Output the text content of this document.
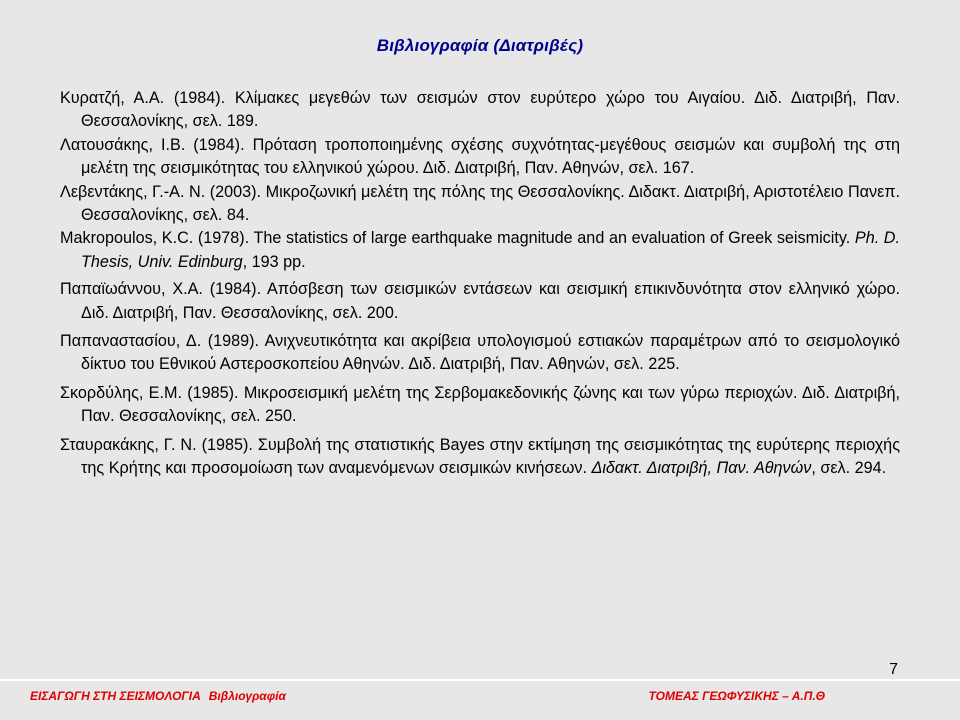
Βιβλιογραφία (Διατριβές)

Κυρατζή, Α.Α. (1984). Κλίμακες μεγεθών των σεισμών στον ευρύτερο χώρο του Αιγαίου. Διδ. Διατριβή, Παν. Θεσσαλονίκης, σελ. 189.

Λατουσάκης, Ι.Β. (1984). Πρόταση τροποποιημένης σχέσης συχνότητας-μεγέθους σεισμών και συμβολή της στη μελέτη της σεισμικότητας του ελληνικού χώρου. Διδ. Διατριβή, Παν. Αθηνών, σελ. 167.

Λεβεντάκης, Γ.-Α. Ν. (2003). Μικροζωνική μελέτη της πόλης της Θεσσαλονίκης. Διδακτ. Διατριβή, Αριστοτέλειο Πανεπ. Θεσσαλονίκης, σελ. 84.

Makropoulos, K.C. (1978). The statistics of large earthquake magnitude and an evaluation of Greek seismicity. Ph. D. Thesis, Univ. Edinburg, 193 pp.

Παπαϊωάννου, Χ.Α. (1984). Απόσβεση των σεισμικών εντάσεων και σεισμική επικινδυνότητα στον ελληνικό χώρο. Διδ. Διατριβή, Παν. Θεσσαλονίκης, σελ. 200.

Παπαναστασίου, Δ. (1989). Ανιχνευτικότητα και ακρίβεια υπολογισμού εστιακών παραμέτρων από το σεισμολογικό δίκτυο του Εθνικού Αστεροσκοπείου Αθηνών. Διδ. Διατριβή, Παν. Αθηνών, σελ. 225.

Σκορδύλης, Ε.Μ. (1985). Μικροσεισμική μελέτη της Σερβομακεδονικής ζώνης και των γύρω περιοχών. Διδ. Διατριβή, Παν. Θεσσαλονίκης, σελ. 250.

Σταυρακάκης, Γ. Ν. (1985). Συμβολή της στατιστικής Bayes στην εκτίμηση της σεισμικότητας της ευρύτερης περιοχής της Κρήτης και προσομοίωση των αναμενόμενων σεισμικών κινήσεων. Διδακτ. Διατριβή, Παν. Αθηνών, σελ. 294.

7
ΕΙΣΑΓΩΓΗ ΣΤΗ ΣΕΙΣΜΟΛΟΓΙΑ Βιβλιογραφία	ΤΟΜΕΑΣ ΓΕΩΦΥΣΙΚΗΣ – Α.Π.Θ
